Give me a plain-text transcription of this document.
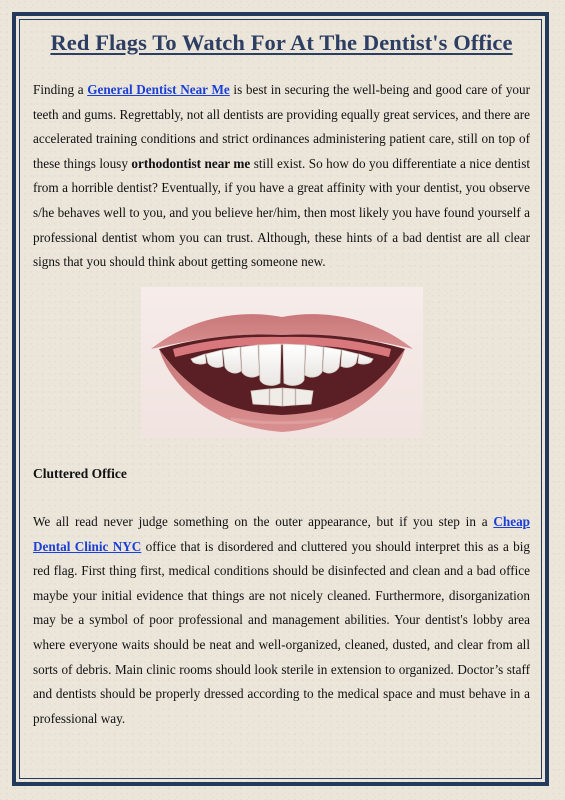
Red Flags To Watch For At The Dentist's Office

Finding a General Dentist Near Me is best in securing the well-being and good care of your teeth and gums. Regrettably, not all dentists are providing equally great services, and there are accelerated training conditions and strict ordinances administering patient care, still on top of these things lousy orthodontist near me still exist. So how do you differentiate a nice dentist from a horrible dentist? Eventually, if you have a great affinity with your dentist, you observe s/he behaves well to you, and you believe her/him, then most likely you have found yourself a professional dentist whom you can trust. Although, these hints of a bad dentist are all clear signs that you should think about getting someone new.

Cluttered Office

We all read never judge something on the outer appearance, but if you step in a Cheap Dental Clinic NYC office that is disordered and cluttered you should interpret this as a big red flag. First thing first, medical conditions should be disinfected and clean and a bad office maybe your initial evidence that things are not nicely cleaned. Furthermore, disorganization may be a symbol of poor professional and management abilities. Your dentist's lobby area where everyone waits should be neat and well-organized, cleaned, dusted, and clear from all sorts of debris. Main clinic rooms should look sterile in extension to organized. Doctor’s staff and dentists should be properly dressed according to the medical space and must behave in a professional way.
